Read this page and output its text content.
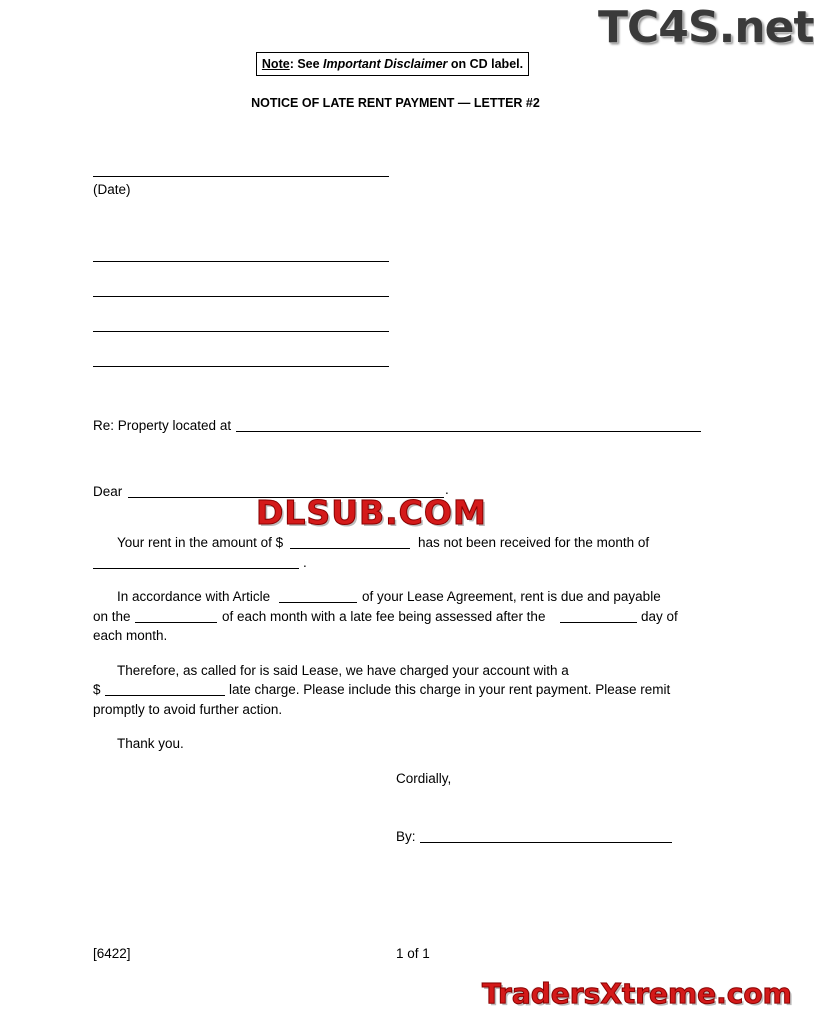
TC4S.net
Note: See Important Disclaimer on CD label.
NOTICE OF LATE RENT PAYMENT — LETTER #2
(Date)
Re: Property located at
Dear	.
DLSUB.COM
Your rent in the amount of $	has not been received for the month of
.
In accordance with Article	of your Lease Agreement, rent is due and payable
on the	of each month with a late fee being assessed after the	day of
each month.
Therefore, as called for is said Lease, we have charged your account with a
$	late charge. Please include this charge in your rent payment. Please remit
promptly to avoid further action.
Thank you.
Cordially,
By:
[6422]	1 of 1
TradersXtreme.com
